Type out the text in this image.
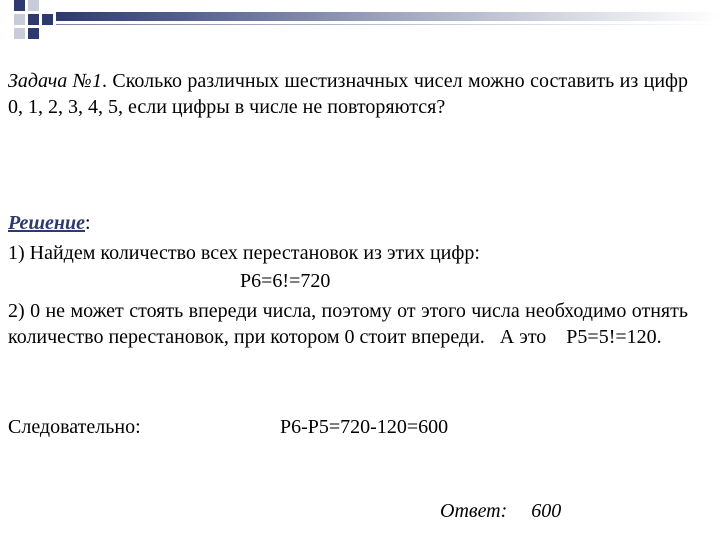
Задача №1. Сколько различных шестизначных чисел можно составить из цифр 0, 1, 2, 3, 4, 5, если цифры в числе не повторяются?
Решение:
1) Найдем количество всех перестановок из этих цифр:
P6=6!=720
2) 0 не может стоять впереди числа, поэтому от этого числа необходимо отнять количество перестановок, при котором 0 стоит впереди.   А это    P5=5!=120.
Следовательно:	P6-P5=720-120=600
Ответ: 600
